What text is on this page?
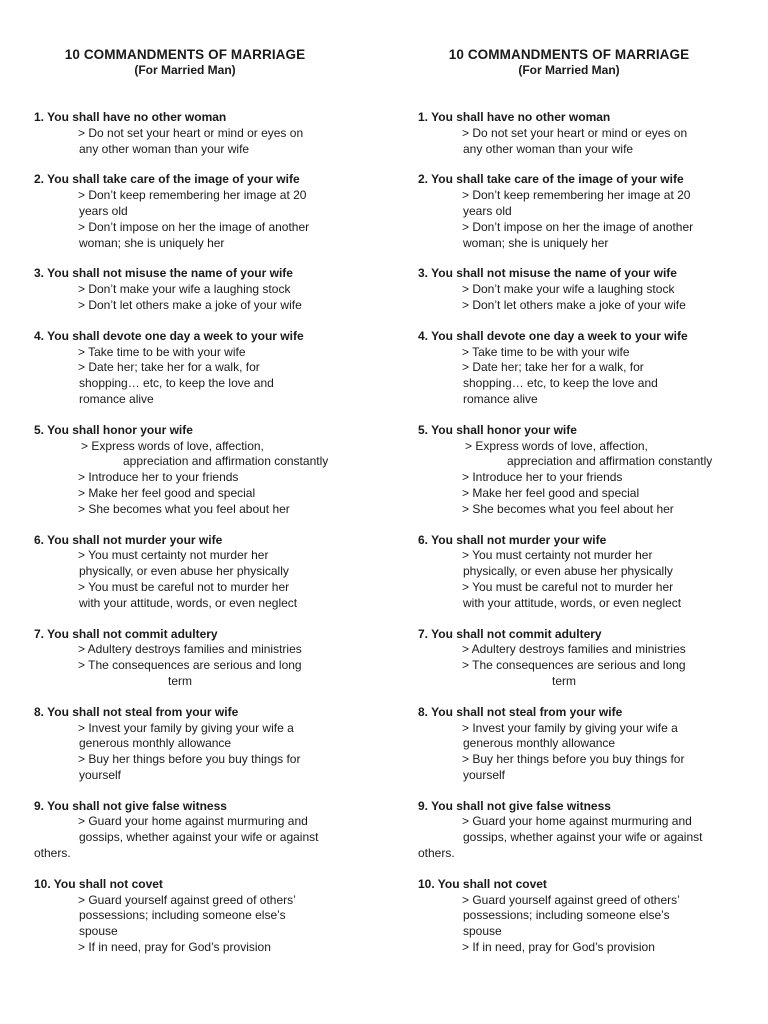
10 COMMANDMENTS OF MARRIAGE

(For Married Man)

1. You shall have no other woman

> Do not set your heart or mind or eyes on

any other woman than your wife

2. You shall take care of the image of your wife

> Don’t keep remembering her image at 20

years old

> Don’t impose on her the image of another

woman; she is uniquely her

3. You shall not misuse the name of your wife

> Don’t make your wife a laughing stock

> Don’t let others make a joke of your wife

4. You shall devote one day a week to your wife

> Take time to be with your wife

> Date her; take her for a walk, for

shopping… etc, to keep the love and

romance alive

5. You shall honor your wife

> Express words of love, affection,

appreciation and affirmation constantly

> Introduce her to your friends

> Make her feel good and special

> She becomes what you feel about her

6. You shall not murder your wife

> You must certainty not murder her

physically, or even abuse her physically

> You must be careful not to murder her

with your attitude, words, or even neglect

7. You shall not commit adultery

> Adultery destroys families and ministries

> The consequences are serious and long

term

8. You shall not steal from your wife

> Invest your family by giving your wife a

generous monthly allowance

> Buy her things before you buy things for

yourself

9. You shall not give false witness

> Guard your home against murmuring and

gossips, whether against your wife or against

others.

10. You shall not covet

> Guard yourself against greed of others’

possessions; including someone else’s

spouse

> If in need, pray for God’s provision

10 COMMANDMENTS OF MARRIAGE

(For Married Man)

1. You shall have no other woman

> Do not set your heart or mind or eyes on

any other woman than your wife

2. You shall take care of the image of your wife

> Don’t keep remembering her image at 20

years old

> Don’t impose on her the image of another

woman; she is uniquely her

3. You shall not misuse the name of your wife

> Don’t make your wife a laughing stock

> Don’t let others make a joke of your wife

4. You shall devote one day a week to your wife

> Take time to be with your wife

> Date her; take her for a walk, for

shopping… etc, to keep the love and

romance alive

5. You shall honor your wife

> Express words of love, affection,

appreciation and affirmation constantly

> Introduce her to your friends

> Make her feel good and special

> She becomes what you feel about her

6. You shall not murder your wife

> You must certainty not murder her

physically, or even abuse her physically

> You must be careful not to murder her

with your attitude, words, or even neglect

7. You shall not commit adultery

> Adultery destroys families and ministries

> The consequences are serious and long

term

8. You shall not steal from your wife

> Invest your family by giving your wife a

generous monthly allowance

> Buy her things before you buy things for

yourself

9. You shall not give false witness

> Guard your home against murmuring and

gossips, whether against your wife or against

others.

10. You shall not covet

> Guard yourself against greed of others’

possessions; including someone else’s

spouse

> If in need, pray for God’s provision
